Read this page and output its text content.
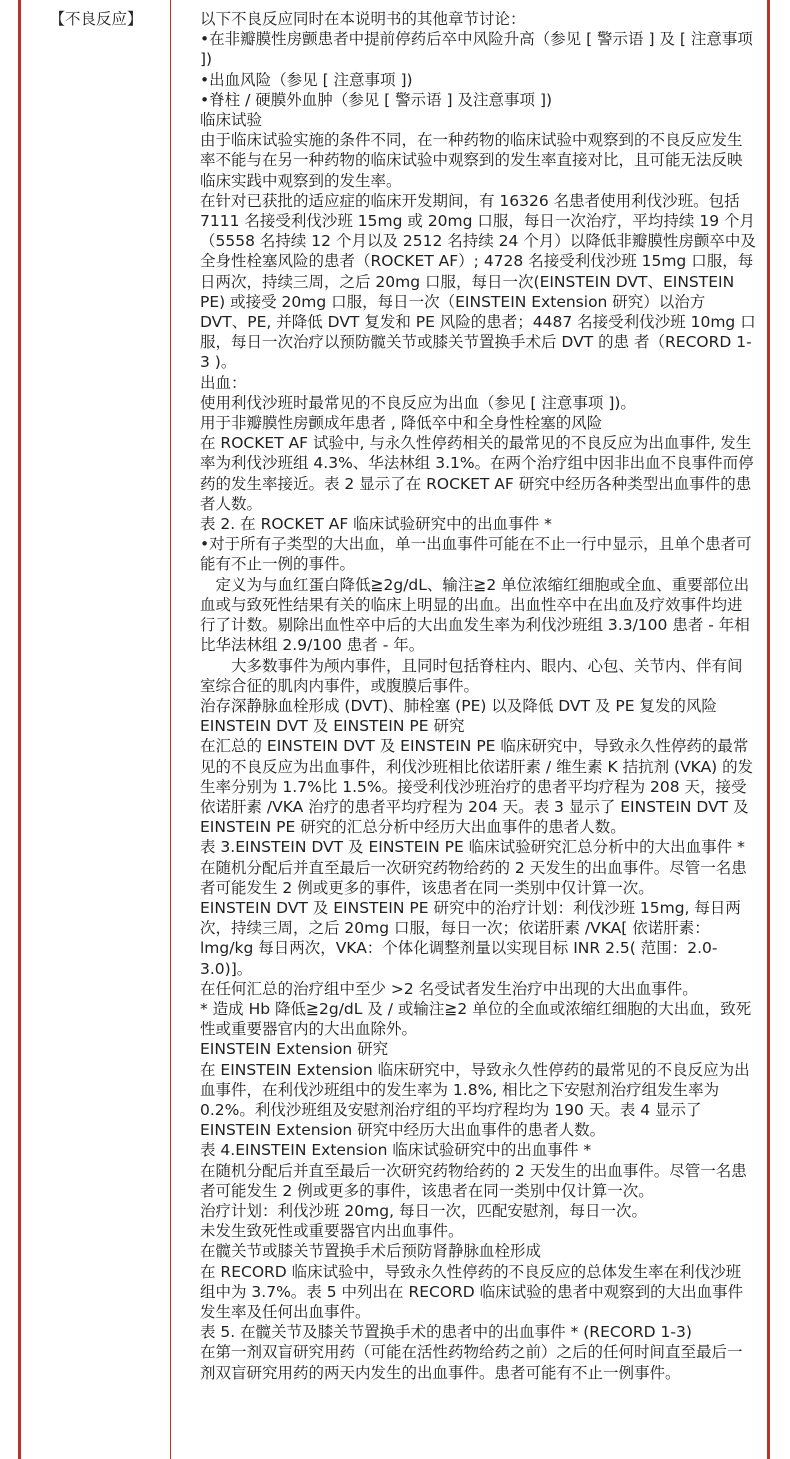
【不良反应】	以下不良反应同时在本说明书的其他章节讨论：

•在非瓣膜性房颤患者中提前停药后卒中风险升高（参见 [ 警示语 ] 及 [ 注意事项 ])

•出血风险（参见 [ 注意事项 ])

•脊柱 / 硬膜外血肿（参见 [ 警示语 ] 及注意事项 ])

临床试验

由于临床试验实施的条件不同，在一种药物的临床试验中观察到的不良反应发生率不能与在另一种药物的临床试验中观察到的发生率直接对比，且可能无法反映临床实践中观察到的发生率。

在针对已获批的适应症的临床开发期间，有 16326 名患者使用利伐沙班。包括 7111 名接受利伐沙班 15mg 或 20mg 口服，每日一次治疗，平均持续 19 个月（5558 名持续 12 个月以及 2512 名持续 24 个月）以降低非瓣膜性房颤卒中及全身性栓塞风险的患者（ROCKET AF）; 4728 名接受利伐沙班 15mg 口服，每日两次，持续三周，之后 20mg 口服，每日一次(EINSTEIN DVT、EINSTEIN PE) 或接受 20mg 口服，每日一次（EINSTEIN Extension 研究）以治方 DVT、PE, 并降低 DVT 复发和 PE 风险的患者；4487 名接受利伐沙班 10mg 口服，每日一次治疗以预防髋关节或膝关节置换手术后 DVT 的患 者（RECORD 1-3 )。

出血：

使用利伐沙班时最常见的不良反应为出血（参见 [ 注意事项 ])。

用于非瓣膜性房颤成年患者 , 降低卒中和全身性栓塞的风险

在 ROCKET AF 试验中, 与永久性停药相关的最常见的不良反应为出血事件, 发生率为利伐沙班组 4.3%、华法林组 3.1%。在两个治疗组中因非出血不良事件而停药的发生率接近。表 2 显示了在 ROCKET AF 研究中经历各种类型出血事件的患者人数。

表 2. 在 ROCKET AF 临床试验研究中的出血事件 *

•对于所有子类型的大出血，单一出血事件可能在不止一行中显示，且单个患者可能有不止一例的事件。

定义为与血红蛋白降低≧2g/dL、输注≧2 单位浓缩红细胞或全血、重要部位出血或与致死性结果有关的临床上明显的出血。出血性卒中在出血及疗效事件均进行了计数。剔除出血性卒中后的大出血发生率为利伐沙班组 3.3/100 患者 - 年相比华法林组 2.9/100 患者 - 年。

大多数事件为颅内事件，且同时包括脊柱内、眼内、心包、关节内、伴有间室综合征的肌肉内事件，或腹膜后事件。

治存深静脉血栓形成 (DVT)、肺栓塞 (PE) 以及降低 DVT 及 PE 复发的风险

EINSTEIN DVT 及 EINSTEIN PE 研究

在汇总的 EINSTEIN DVT 及 EINSTEIN PE 临床研究中，导致永久性停药的最常见的不良反应为出血事件，利伐沙班相比依诺肝素 / 维生素 K 拮抗剂 (VKA) 的发生率分别为 1.7%比 1.5%。接受利伐沙班治疗的患者平均疗程为 208 天，接受依诺肝素 /VKA 治疗的患者平均疗程为 204 天。表 3 显示了 EINSTEIN DVT 及 EINSTEIN PE 研究的汇总分析中经历大出血事件的患者人数。

表 3.EINSTEIN DVT 及 EINSTEIN PE 临床试验研究汇总分析中的大出血事件 *

在随机分配后并直至最后一次研究药物给药的 2 天发生的出血事件。尽管一名患者可能发生 2 例或更多的事件，该患者在同一类别中仅计算一次。

EINSTEIN DVT 及 EINSTEIN PE 研究中的治疗计划：利伐沙班 15mg, 每日两次，持续三周，之后 20mg 口服，每日一次；依诺肝素 /VKA[ 依诺肝素：lmg/kg 每日两次，VKA：个体化调整剂量以实现目标 INR 2.5( 范围：2.0-3.0)]。

在任何汇总的治疗组中至少 >2 名受试者发生治疗中出现的大出血事件。

* 造成 Hb 降低≧2g/dL 及 / 或输注≧2 单位的全血或浓缩红细胞的大出血，致死性或重要器官内的大出血除外。

EINSTEIN Extension 研究

在 EINSTEIN Extension 临床研究中，导致永久性停药的最常见的不良反应为出血事件，在利伐沙班组中的发生率为 1.8%, 相比之下安慰剂治疗组发生率为 0.2%。利伐沙班组及安慰剂治疗组的平均疗程均为 190 天。表 4 显示了 EINSTEIN Extension 研究中经历大出血事件的患者人数。

表 4.EINSTEIN Extension 临床试验研究中的出血事件 *

在随机分配后并直至最后一次研究药物给药的 2 天发生的出血事件。尽管一名患者可能发生 2 例或更多的事件，该患者在同一类别中仅计算一次。

治疗计划：利伐沙班 20mg, 每日一次，匹配安慰剂，每日一次。

未发生致死性或重要器官内出血事件。

在髋关节或膝关节置换手术后预防肾静脉血栓形成

在 RECORD 临床试验中，导致永久性停药的不良反应的总体发生率在利伐沙班组中为 3.7%。表 5 中列出在 RECORD 临床试验的患者中观察到的大出血事件发生率及任何出血事件。

表 5. 在髋关节及膝关节置换手术的患者中的出血事件 * (RECORD 1-3)

在第一剂双盲研究用药（可能在活性药物给药之前）之后的任何时间直至最后一剂双盲研究用药的两天内发生的出血事件。患者可能有不止一例事件。
